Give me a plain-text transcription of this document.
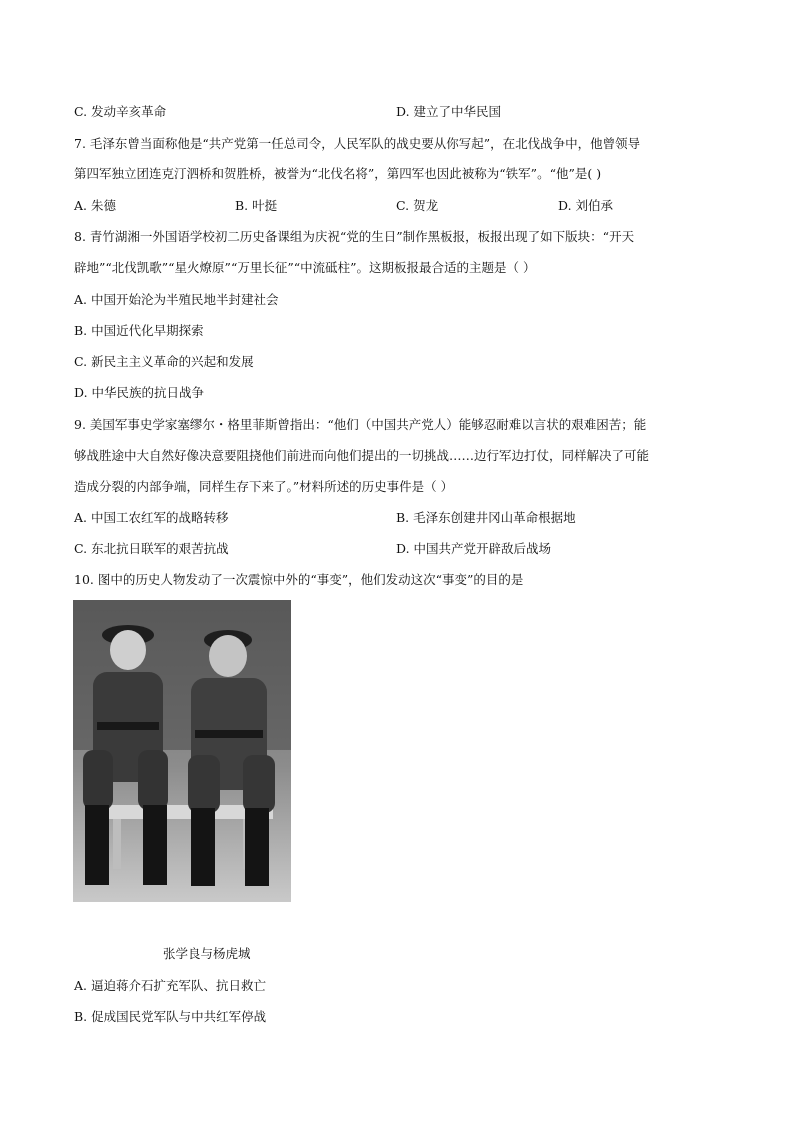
C. 发动辛亥革命	D. 建立了中华民国
7. 毛泽东曾当面称他是“共产党第一任总司令，人民军队的战史要从你写起”，在北伐战争中，他曾领导
第四军独立团连克汀泗桥和贺胜桥，被誉为“北伐名将”，第四军也因此被称为“铁军”。“他”是( )
A. 朱德	B. 叶挺	C. 贺龙	D. 刘伯承
8. 青竹湖湘一外国语学校初二历史备课组为庆祝“党的生日”制作黑板报，板报出现了如下版块：“开天
辟地”“北伐凯歌”“星火燎原”“万里长征”“中流砥柱”。这期板报最合适的主题是（ ）
A. 中国开始沦为半殖民地半封建社会
B. 中国近代化早期探索
C. 新民主主义革命的兴起和发展
D. 中华民族的抗日战争
9. 美国军事史学家塞缪尔・格里菲斯曾指出：“他们（中国共产党人）能够忍耐难以言状的艰难困苦；能
够战胜途中大自然好像决意要阻挠他们前进而向他们提出的一切挑战……边行军边打仗，同样解决了可能
造成分裂的内部争端，同样生存下来了。”材料所述的历史事件是（ ）
A. 中国工农红军的战略转移	B. 毛泽东创建井冈山革命根据地
C. 东北抗日联军的艰苦抗战	D. 中国共产党开辟敌后战场
10. 图中的历史人物发动了一次震惊中外的“事变”，他们发动这次“事变”的目的是
张学良与杨虎城
A. 逼迫蒋介石扩充军队、抗日救亡
B. 促成国民党军队与中共红军停战
